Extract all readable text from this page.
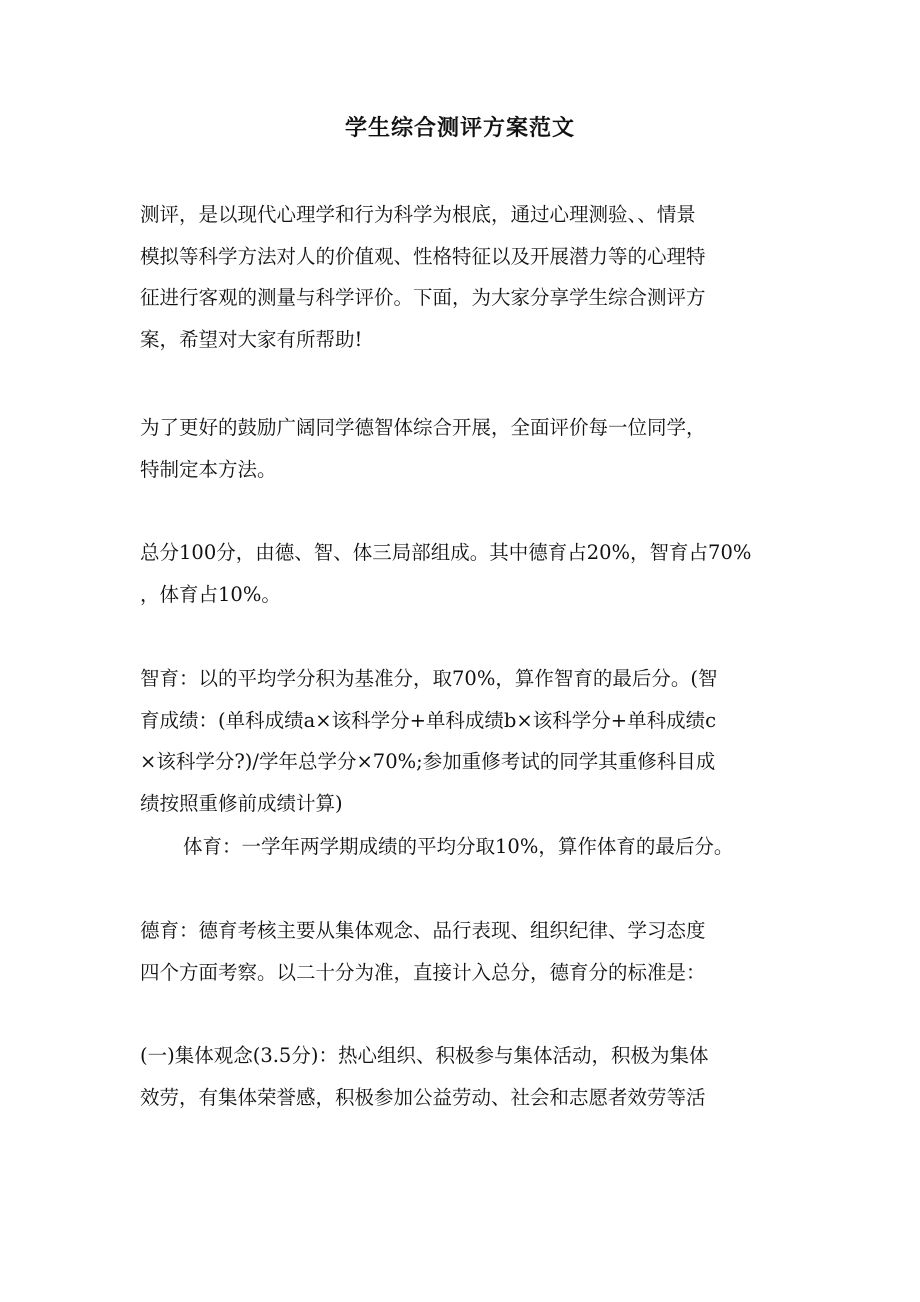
学生综合测评方案范文

测评，是以现代心理学和行为科学为根底，通过心理测验、、情景
模拟等科学方法对人的价值观、性格特征以及开展潜力等的心理特
征进行客观的测量与科学评价。下面，为大家分享学生综合测评方
案，希望对大家有所帮助!

为了更好的鼓励广阔同学德智体综合开展，全面评价每一位同学，
特制定本方法。

总分100分，由德、智、体三局部组成。其中德育占20%，智育占70%
，体育占10%。

智育：以的平均学分积为基准分，取70%，算作智育的最后分。(智
育成绩：(单科成绩a×该科学分+单科成绩b×该科学分+单科成绩c
×该科学分?)/学年总学分×70%;参加重修考试的同学其重修科目成
绩按照重修前成绩计算)

体育：一学年两学期成绩的平均分取10%，算作体育的最后分。

德育：德育考核主要从集体观念、品行表现、组织纪律、学习态度
四个方面考察。以二十分为准，直接计入总分，德育分的标准是：

(一)集体观念(3.5分)：热心组织、积极参与集体活动，积极为集体
效劳，有集体荣誉感，积极参加公益劳动、社会和志愿者效劳等活
